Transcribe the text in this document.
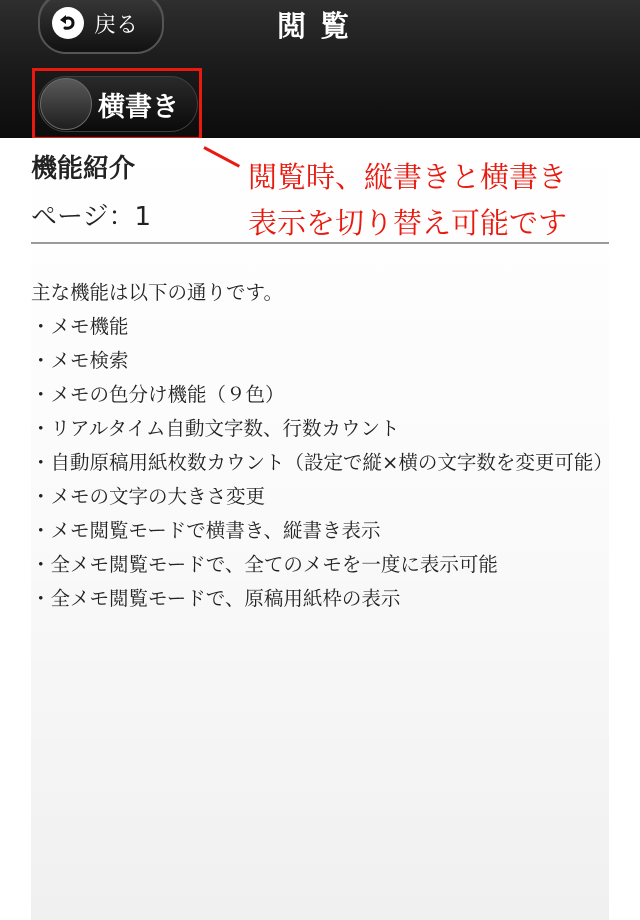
戻る	閲覧
横書き
機能紹介
ページ：1
主な機能は以下の通りです。
・メモ機能
・メモ検索
・メモの色分け機能（９色）
・リアルタイム自動文字数、行数カウント
・自動原稿用紙枚数カウント（設定で縦×横の文字数を変更可能）
・メモの文字の大きさ変更
・メモ閲覧モードで横書き、縦書き表示
・全メモ閲覧モードで、全てのメモを一度に表示可能
・全メモ閲覧モードで、原稿用紙枠の表示
閲覧時、縦書きと横書き
表示を切り替え可能です
